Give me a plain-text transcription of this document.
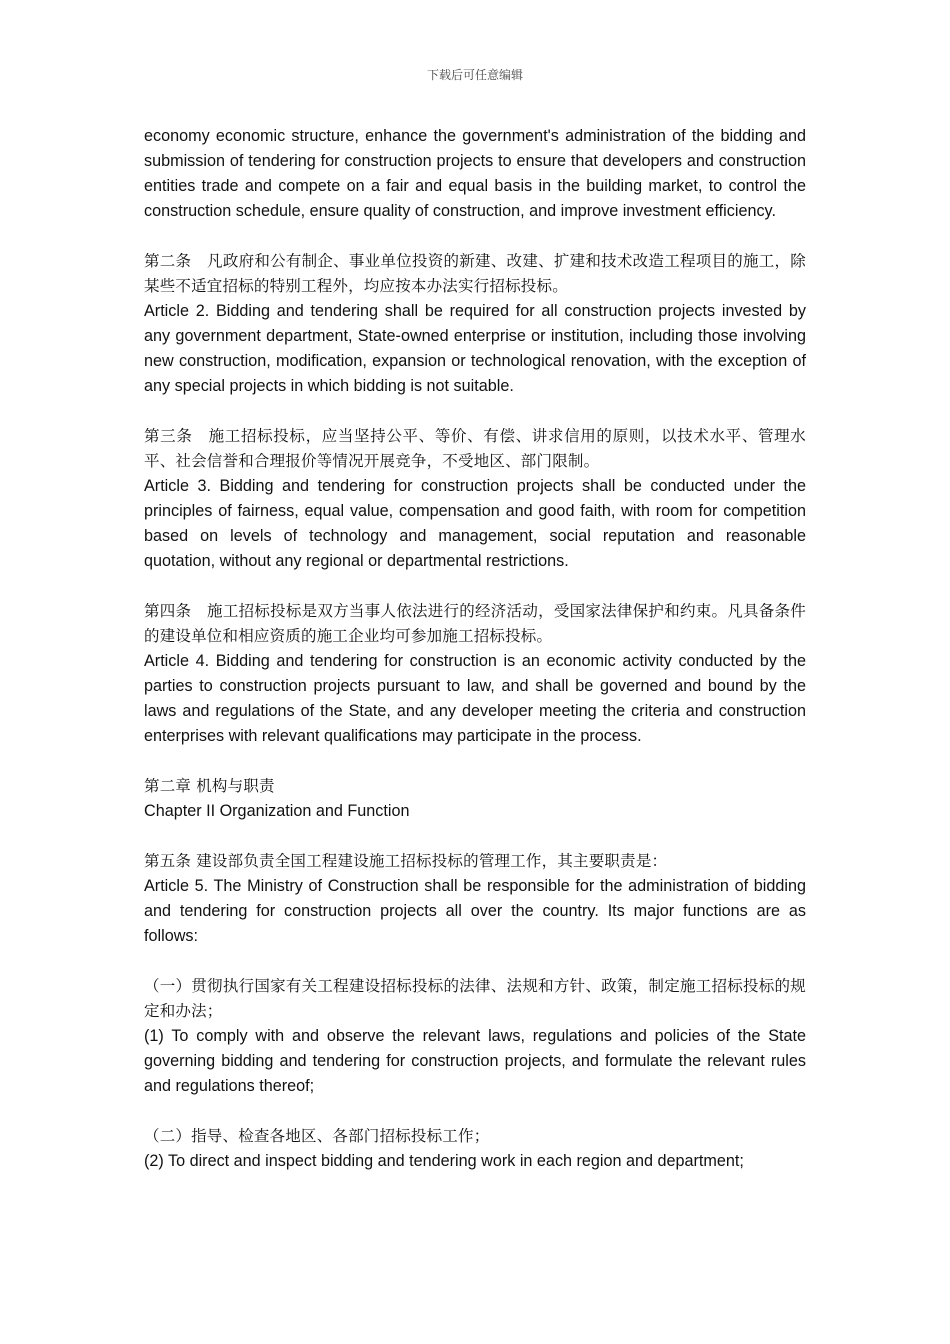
下载后可任意编辑

economy economic structure, enhance the government's administration of the bidding and submission of tendering for construction projects to ensure that developers and construction entities trade and compete on a fair and equal basis in the building market, to control the construction schedule, ensure quality of construction, and improve investment efficiency.

第二条　凡政府和公有制企、事业单位投资的新建、改建、扩建和技术改造工程项目的施工，除某些不适宜招标的特别工程外，均应按本办法实行招标投标。

Article 2. Bidding and tendering shall be required for all construction projects invested by any government department, State-owned enterprise or institution, including those involving new construction, modification, expansion or technological renovation, with the exception of any special projects in which bidding is not suitable.

第三条　施工招标投标，应当坚持公平、等价、有偿、讲求信用的原则，以技术水平、管理水平、社会信誉和合理报价等情况开展竞争，不受地区、部门限制。

Article 3. Bidding and tendering for construction projects shall be conducted under the principles of fairness, equal value, compensation and good faith, with room for competition based on levels of technology and management, social reputation and reasonable quotation, without any regional or departmental restrictions.

第四条　施工招标投标是双方当事人依法进行的经济活动，受国家法律保护和约束。凡具备条件的建设单位和相应资质的施工企业均可参加施工招标投标。

Article 4. Bidding and tendering for construction is an economic activity conducted by the parties to construction projects pursuant to law, and shall be governed and bound by the laws and regulations of the State, and any developer meeting the criteria and construction enterprises with relevant qualifications may participate in the process.

第二章 机构与职责

Chapter II Organization and Function

第五条 建设部负责全国工程建设施工招标投标的管理工作，其主要职责是：

Article 5. The Ministry of Construction shall be responsible for the administration of bidding and tendering for construction projects all over the country. Its major functions are as follows:

（一）贯彻执行国家有关工程建设招标投标的法律、法规和方针、政策，制定施工招标投标的规定和办法；

(1) To comply with and observe the relevant laws, regulations and policies of the State governing bidding and tendering for construction projects, and formulate the relevant rules and regulations thereof;

（二）指导、检查各地区、各部门招标投标工作；

(2) To direct and inspect bidding and tendering work in each region and department;
